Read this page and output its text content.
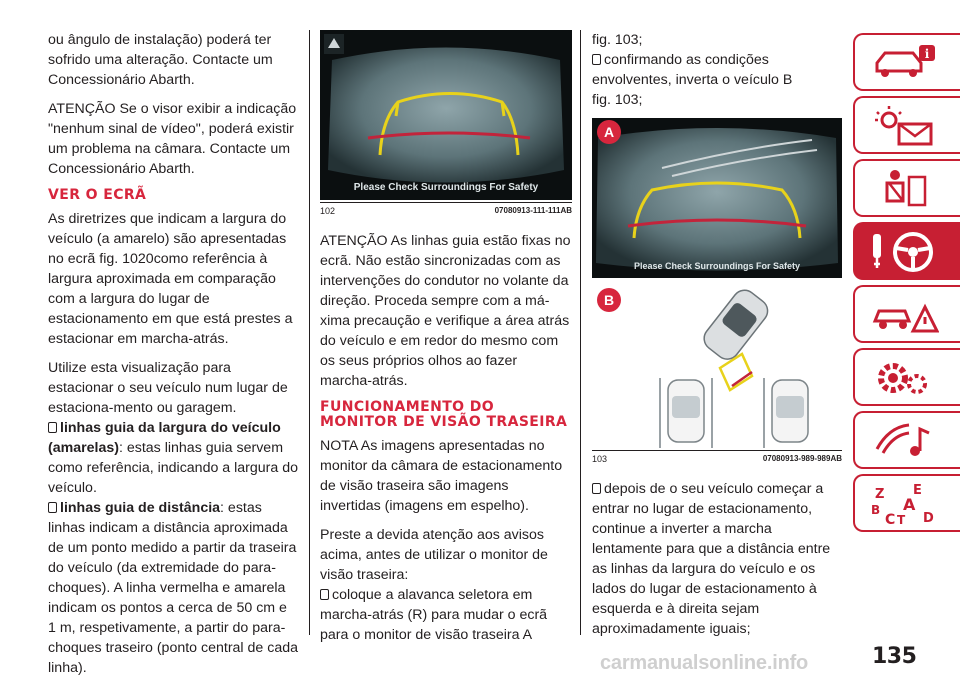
ou ângulo de instalação) poderá ter sofrido uma alteração. Contacte um Concessionário Abarth.

ATENÇÃO Se o visor exibir a indicação "nenhum sinal de vídeo", poderá existir um problema na câmara. Contacte um Concessionário Abarth.

VER O ECRÃ

As diretrizes que indicam a largura do veículo (a amarelo) são apresentadas no ecrã fig. 1020como referência à largura aproximada em comparação com a largura do lugar de estacionamento em que está prestes a estacionar em marcha-atrás.

Utilize esta visualização para estacionar o seu veículo num lugar de estaciona-mento ou garagem.

linhas guia da largura do veículo (amarelas): estas linhas guia servem como referência, indicando a largura do veículo.
linhas guia de distância: estas linhas indicam a distância aproximada de um ponto medido a partir da traseira do veículo (da extremidade do para-choques). A linha vermelha e amarela indicam os pontos a cerca de 50 cm e 1 m, respetivamente, a partir do para-choques traseiro (ponto central de cada linha).
Please Check Surroundings For Safety
102	07080913-111-111AB

ATENÇÃO As linhas guia estão fixas no ecrã. Não estão sincronizadas com as intervenções do condutor no volante da direção. Proceda sempre com a má-xima precaução e verifique a área atrás do veículo e em redor do mesmo com os seus próprios olhos ao fazer marcha-atrás.

FUNCIONAMENTO DO MONITOR DE VISÃO TRASEIRA

NOTA As imagens apresentadas no monitor da câmara de estacionamento de visão traseira são imagens invertidas (imagens em espelho).

Preste a devida atenção aos avisos acima, antes de utilizar o monitor de visão traseira:

coloque a alavanca seletora em marcha-atrás (R) para mudar o ecrã para o monitor de visão traseira A
fig. 103;
confirmando as condições envolventes, inverta o veículo B
fig. 103;
Please Check Surroundings For Safety
A
B
103	07080913-989-989AB
depois de o seu veículo começar a entrar no lugar de estacionamento, continue a inverter a marcha lentamente para que a distância entre as linhas da largura do veículo e os lados do lugar de estacionamento à esquerda e à direita sejam aproximadamente iguais;
i
Z E
A
B
C T D
carmanualsonline.info	135
